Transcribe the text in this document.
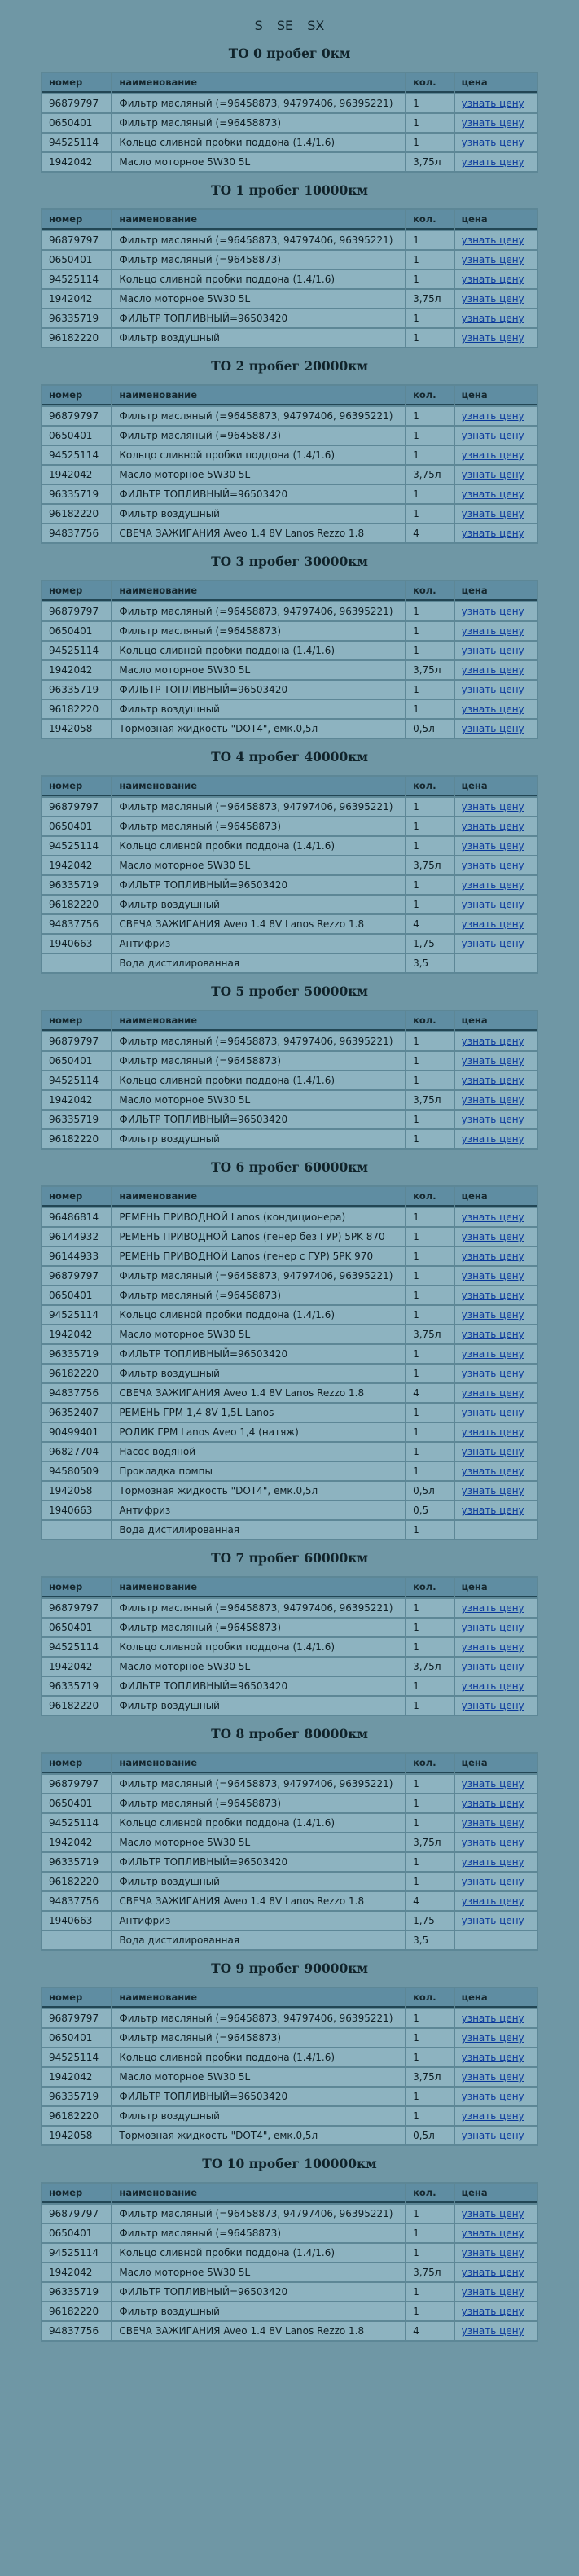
S SE SX
ТО 0 пробег 0км
номер	наименование	кол.	цена
96879797	Фильтр масляный (=96458873, 94797406, 96395221)	1	узнать цену
0650401	Фильтр масляный (=96458873)	1	узнать цену
94525114	Кольцо сливной пробки поддона (1.4/1.6)	1	узнать цену
1942042	Масло моторное 5W30 5L	3,75л	узнать цену
ТО 1 пробег 10000км
номер	наименование	кол.	цена
96879797	Фильтр масляный (=96458873, 94797406, 96395221)	1	узнать цену
0650401	Фильтр масляный (=96458873)	1	узнать цену
94525114	Кольцо сливной пробки поддона (1.4/1.6)	1	узнать цену
1942042	Масло моторное 5W30 5L	3,75л	узнать цену
96335719	ФИЛЬТР ТОПЛИВНЫЙ=96503420	1	узнать цену
96182220	Фильтр воздушный	1	узнать цену
ТО 2 пробег 20000км
номер	наименование	кол.	цена
96879797	Фильтр масляный (=96458873, 94797406, 96395221)	1	узнать цену
0650401	Фильтр масляный (=96458873)	1	узнать цену
94525114	Кольцо сливной пробки поддона (1.4/1.6)	1	узнать цену
1942042	Масло моторное 5W30 5L	3,75л	узнать цену
96335719	ФИЛЬТР ТОПЛИВНЫЙ=96503420	1	узнать цену
96182220	Фильтр воздушный	1	узнать цену
94837756	СВЕЧА ЗАЖИГАНИЯ Aveo 1.4 8V Lanos Rezzo 1.8	4	узнать цену
ТО 3 пробег 30000км
номер	наименование	кол.	цена
96879797	Фильтр масляный (=96458873, 94797406, 96395221)	1	узнать цену
0650401	Фильтр масляный (=96458873)	1	узнать цену
94525114	Кольцо сливной пробки поддона (1.4/1.6)	1	узнать цену
1942042	Масло моторное 5W30 5L	3,75л	узнать цену
96335719	ФИЛЬТР ТОПЛИВНЫЙ=96503420	1	узнать цену
96182220	Фильтр воздушный	1	узнать цену
1942058	Тормозная жидкость "DOT4", емк.0,5л	0,5л	узнать цену
ТО 4 пробег 40000км
номер	наименование	кол.	цена
96879797	Фильтр масляный (=96458873, 94797406, 96395221)	1	узнать цену
0650401	Фильтр масляный (=96458873)	1	узнать цену
94525114	Кольцо сливной пробки поддона (1.4/1.6)	1	узнать цену
1942042	Масло моторное 5W30 5L	3,75л	узнать цену
96335719	ФИЛЬТР ТОПЛИВНЫЙ=96503420	1	узнать цену
96182220	Фильтр воздушный	1	узнать цену
94837756	СВЕЧА ЗАЖИГАНИЯ Aveo 1.4 8V Lanos Rezzo 1.8	4	узнать цену
1940663	Антифриз	1,75	узнать цену
	Вода дистилированная	3,5	
ТО 5 пробег 50000км
номер	наименование	кол.	цена
96879797	Фильтр масляный (=96458873, 94797406, 96395221)	1	узнать цену
0650401	Фильтр масляный (=96458873)	1	узнать цену
94525114	Кольцо сливной пробки поддона (1.4/1.6)	1	узнать цену
1942042	Масло моторное 5W30 5L	3,75л	узнать цену
96335719	ФИЛЬТР ТОПЛИВНЫЙ=96503420	1	узнать цену
96182220	Фильтр воздушный	1	узнать цену
ТО 6 пробег 60000км
номер	наименование	кол.	цена
96486814	РЕМЕНЬ ПРИВОДНОЙ Lanos (кондиционера)	1	узнать цену
96144932	РЕМЕНЬ ПРИВОДНОЙ Lanos (генер без ГУР) 5PK 870	1	узнать цену
96144933	РЕМЕНЬ ПРИВОДНОЙ Lanos (генер с ГУР) 5PK 970	1	узнать цену
96879797	Фильтр масляный (=96458873, 94797406, 96395221)	1	узнать цену
0650401	Фильтр масляный (=96458873)	1	узнать цену
94525114	Кольцо сливной пробки поддона (1.4/1.6)	1	узнать цену
1942042	Масло моторное 5W30 5L	3,75л	узнать цену
96335719	ФИЛЬТР ТОПЛИВНЫЙ=96503420	1	узнать цену
96182220	Фильтр воздушный	1	узнать цену
94837756	СВЕЧА ЗАЖИГАНИЯ Aveo 1.4 8V Lanos Rezzo 1.8	4	узнать цену
96352407	РЕМЕНЬ ГРМ 1,4 8V 1,5L Lanos	1	узнать цену
90499401	РОЛИК ГРМ Lanos Aveo 1,4 (натяж)	1	узнать цену
96827704	Насос водяной	1	узнать цену
94580509	Прокладка помпы	1	узнать цену
1942058	Тормозная жидкость "DOT4", емк.0,5л	0,5л	узнать цену
1940663	Антифриз	0,5	узнать цену
	Вода дистилированная	1	
ТО 7 пробег 60000км
номер	наименование	кол.	цена
96879797	Фильтр масляный (=96458873, 94797406, 96395221)	1	узнать цену
0650401	Фильтр масляный (=96458873)	1	узнать цену
94525114	Кольцо сливной пробки поддона (1.4/1.6)	1	узнать цену
1942042	Масло моторное 5W30 5L	3,75л	узнать цену
96335719	ФИЛЬТР ТОПЛИВНЫЙ=96503420	1	узнать цену
96182220	Фильтр воздушный	1	узнать цену
ТО 8 пробег 80000км
номер	наименование	кол.	цена
96879797	Фильтр масляный (=96458873, 94797406, 96395221)	1	узнать цену
0650401	Фильтр масляный (=96458873)	1	узнать цену
94525114	Кольцо сливной пробки поддона (1.4/1.6)	1	узнать цену
1942042	Масло моторное 5W30 5L	3,75л	узнать цену
96335719	ФИЛЬТР ТОПЛИВНЫЙ=96503420	1	узнать цену
96182220	Фильтр воздушный	1	узнать цену
94837756	СВЕЧА ЗАЖИГАНИЯ Aveo 1.4 8V Lanos Rezzo 1.8	4	узнать цену
1940663	Антифриз	1,75	узнать цену
	Вода дистилированная	3,5	
ТО 9 пробег 90000км
номер	наименование	кол.	цена
96879797	Фильтр масляный (=96458873, 94797406, 96395221)	1	узнать цену
0650401	Фильтр масляный (=96458873)	1	узнать цену
94525114	Кольцо сливной пробки поддона (1.4/1.6)	1	узнать цену
1942042	Масло моторное 5W30 5L	3,75л	узнать цену
96335719	ФИЛЬТР ТОПЛИВНЫЙ=96503420	1	узнать цену
96182220	Фильтр воздушный	1	узнать цену
1942058	Тормозная жидкость "DOT4", емк.0,5л	0,5л	узнать цену
ТО 10 пробег 100000км
номер	наименование	кол.	цена
96879797	Фильтр масляный (=96458873, 94797406, 96395221)	1	узнать цену
0650401	Фильтр масляный (=96458873)	1	узнать цену
94525114	Кольцо сливной пробки поддона (1.4/1.6)	1	узнать цену
1942042	Масло моторное 5W30 5L	3,75л	узнать цену
96335719	ФИЛЬТР ТОПЛИВНЫЙ=96503420	1	узнать цену
96182220	Фильтр воздушный	1	узнать цену
94837756	СВЕЧА ЗАЖИГАНИЯ Aveo 1.4 8V Lanos Rezzo 1.8	4	узнать цену
